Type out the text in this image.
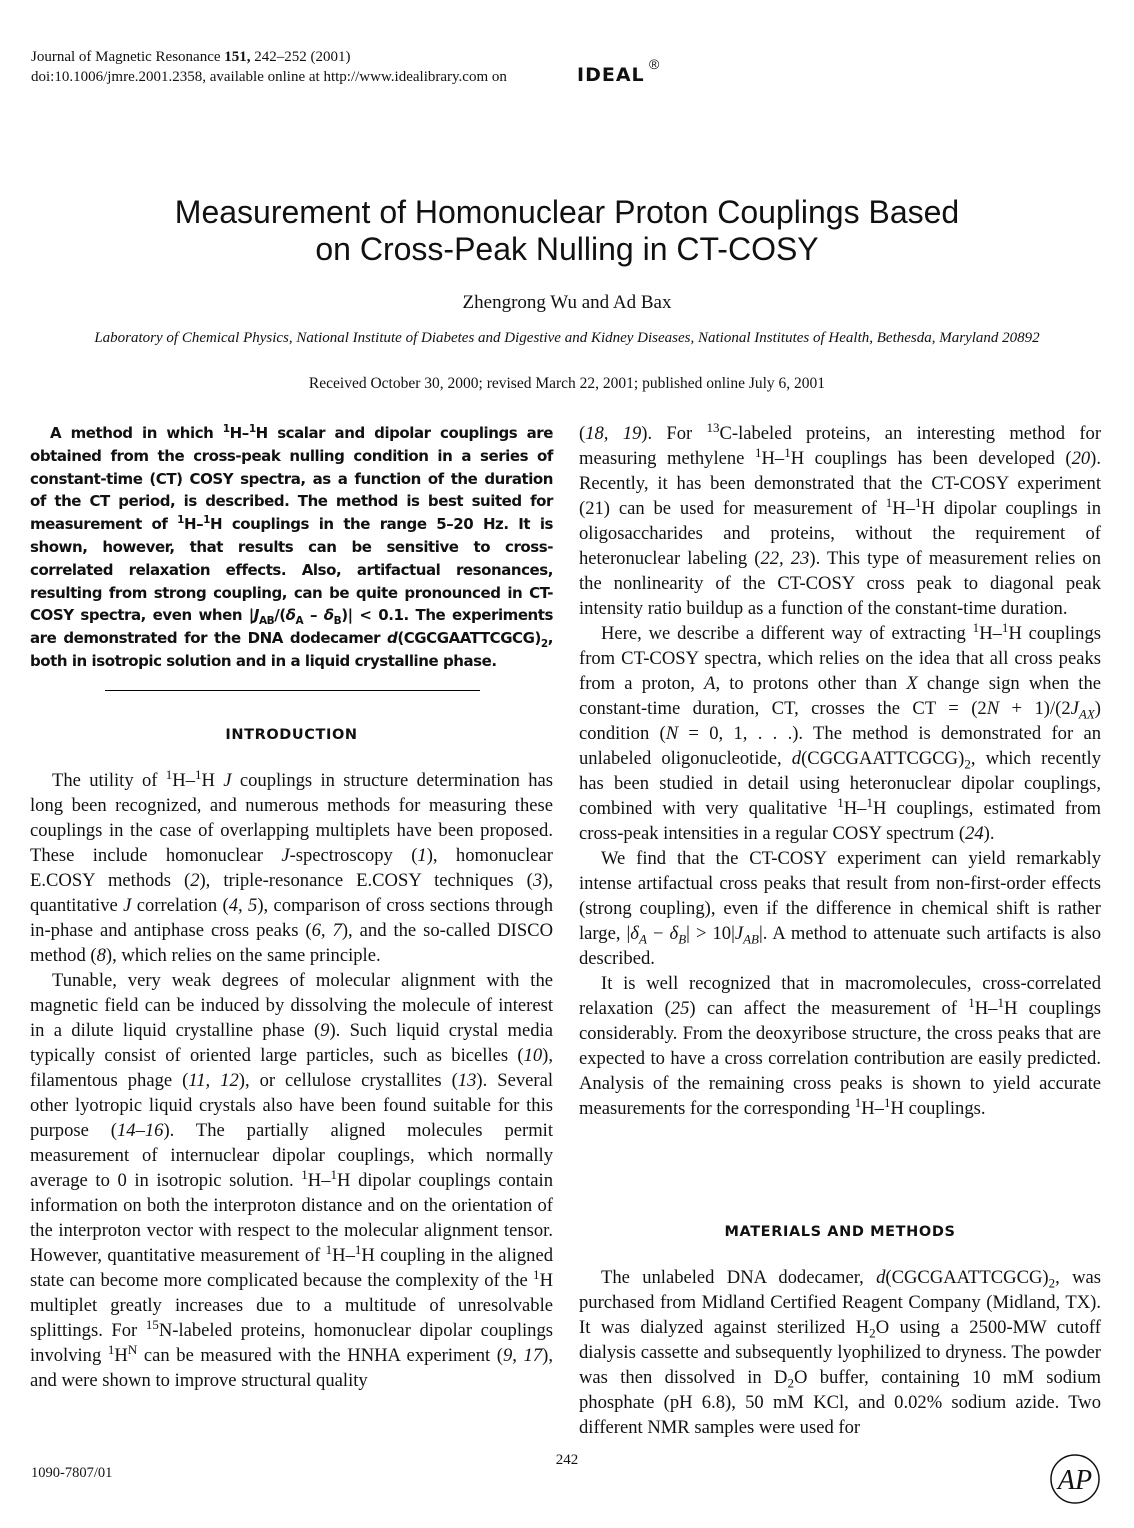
Journal of Magnetic Resonance 151, 242–252 (2001)
doi:10.1006/jmre.2001.2358, available online at http://www.idealibrary.com on	IDEAL ®
Measurement of Homonuclear Proton Couplings Based
on Cross-Peak Nulling in CT-COSY
Zhengrong Wu and Ad Bax
Laboratory of Chemical Physics, National Institute of Diabetes and Digestive and Kidney Diseases, National Institutes of Health, Bethesda, Maryland 20892
Received October 30, 2000; revised March 22, 2001; published online July 6, 2001
A method in which $^1$H–$^1$H scalar and dipolar couplings are obtained from the cross-peak nulling condition in a series of constant-time (CT) COSY spectra, as a function of the duration of the CT period, is described. The method is best suited for measurement of $^1$H–$^1$H couplings in the range 5–20 Hz. It is shown, however, that results can be sensitive to cross-correlated relaxation effects. Also, artifactual resonances, resulting from strong coupling, can be quite pronounced in CT-COSY spectra, even when $|J_{AB}/(\delta_A - \delta_B)| < 0.1$. The experiments are demonstrated for the DNA dodecamer $d(CGCGAATTCGCG)_2$, both in isotropic solution and in a liquid crystalline phase.
INTRODUCTION

The utility of $^1$H–$^1$H J couplings in structure determination has long been recognized, and numerous methods for measuring these couplings in the case of overlapping multiplets have been proposed. These include homonuclear J-spectroscopy (1), homonuclear E.COSY methods (2), triple-resonance E.COSY techniques (3), quantitative J correlation (4, 5), comparison of cross sections through in-phase and antiphase cross peaks (6, 7), and the so-called DISCO method (8), which relies on the same principle.

Tunable, very weak degrees of molecular alignment with the magnetic field can be induced by dissolving the molecule of interest in a dilute liquid crystalline phase (9). Such liquid crystal media typically consist of oriented large particles, such as bicelles (10), filamentous phage (11, 12), or cellulose crystallites (13). Several other lyotropic liquid crystals also have been found suitable for this purpose (14–16). The partially aligned molecules permit measurement of internuclear dipolar couplings, which normally average to 0 in isotropic solution. $^1$H–$^1$H dipolar couplings contain information on both the interproton distance and on the orientation of the interproton vector with respect to the molecular alignment tensor. However, quantitative measurement of $^1$H–$^1$H coupling in the aligned state can become more complicated because the complexity of the $^1$H multiplet greatly increases due to a multitude of unresolvable splittings. For $^{15}$N-labeled proteins, homonuclear dipolar couplings involving $^1H^N$ can be measured with the HNHA experiment (9, 17), and were shown to improve structural quality

(18, 19). For $^{13}$C-labeled proteins, an interesting method for measuring methylene $^1$H–$^1$H couplings has been developed (20). Recently, it has been demonstrated that the CT-COSY experiment (21) can be used for measurement of $^1$H–$^1$H dipolar couplings in oligosaccharides and proteins, without the requirement of heteronuclear labeling (22, 23). This type of measurement relies on the nonlinearity of the CT-COSY cross peak to diagonal peak intensity ratio buildup as a function of the constant-time duration.

Here, we describe a different way of extracting $^1$H–$^1$H couplings from CT-COSY spectra, which relies on the idea that all cross peaks from a proton, A, to protons other than X change sign when the constant-time duration, CT, crosses the CT = $(2N + 1)/(2J_{AX})$ condition (N = 0, 1, . . .). The method is demonstrated for an unlabeled oligonucleotide, $d(CGCGAATTCGCG)_2$, which recently has been studied in detail using heteronuclear dipolar couplings, combined with very qualitative $^1$H–$^1$H couplings, estimated from cross-peak intensities in a regular COSY spectrum (24).

We find that the CT-COSY experiment can yield remarkably intense artifactual cross peaks that result from non-first-order effects (strong coupling), even if the difference in chemical shift is rather large, $|\delta_A - \delta_B| > 10|J_{AB}|$. A method to attenuate such artifacts is also described.

It is well recognized that in macromolecules, cross-correlated relaxation (25) can affect the measurement of $^1$H–$^1$H couplings considerably. From the deoxyribose structure, the cross peaks that are expected to have a cross correlation contribution are easily predicted. Analysis of the remaining cross peaks is shown to yield accurate measurements for the corresponding $^1$H–$^1$H couplings.

MATERIALS AND METHODS

The unlabeled DNA dodecamer, $d(CGCGAATTCGCG)_2$, was purchased from Midland Certified Reagent Company (Midland, TX). It was dialyzed against sterilized $H_2O$ using a 2500-MW cutoff dialysis cassette and subsequently lyophilized to dryness. The powder was then dissolved in $D_2O$ buffer, containing 10 mM sodium phosphate (pH 6.8), 50 mM KCl, and 0.02% sodium azide. Two different NMR samples were used for

1090-7807/01
242
AP
